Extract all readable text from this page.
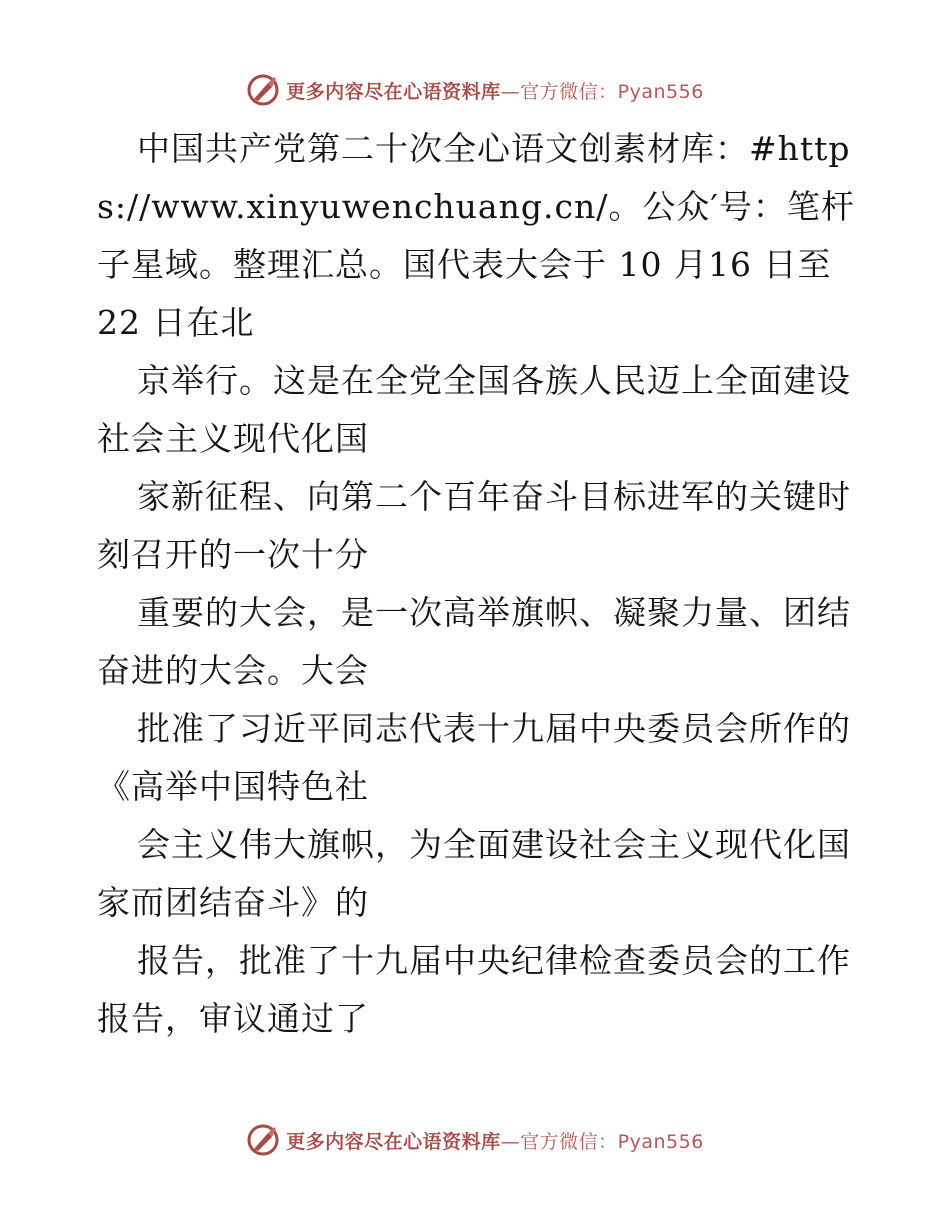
更多内容尽在心语资料库—官方微信：Pyan556

中国共产党第二十次全心语文创素材库：#https://www.xinyuwenchuang.cn/。公众′号：笔杆子星域。整理汇总。国代表大会于 10 月16 日至 22 日在北

京举行。这是在全党全国各族人民迈上全面建设社会主义现代化国

家新征程、向第二个百年奋斗目标进军的关键时刻召开的一次十分

重要的大会，是一次高举旗帜、凝聚力量、团结奋进的大会。大会

批准了习近平同志代表十九届中央委员会所作的《高举中国特色社

会主义伟大旗帜，为全面建设社会主义现代化国家而团结奋斗》的

报告，批准了十九届中央纪律检查委员会的工作报告，审议通过了

更多内容尽在心语资料库—官方微信：Pyan556
